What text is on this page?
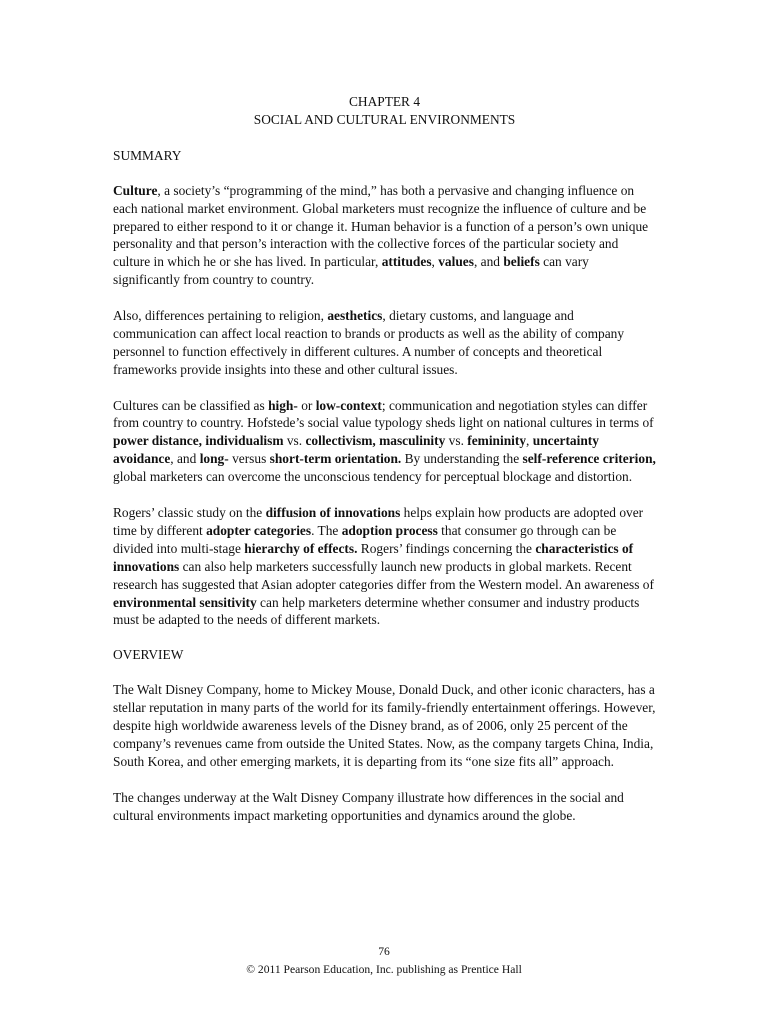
CHAPTER 4

SOCIAL AND CULTURAL ENVIRONMENTS

SUMMARY

Culture, a society’s “programming of the mind,” has both a pervasive and changing influence on each national market environment. Global marketers must recognize the influence of culture and be prepared to either respond to it or change it. Human behavior is a function of a person’s own unique personality and that person’s interaction with the collective forces of the particular society and culture in which he or she has lived. In particular, attitudes, values, and beliefs can vary significantly from country to country.

Also, differences pertaining to religion, aesthetics, dietary customs, and language and communication can affect local reaction to brands or products as well as the ability of company personnel to function effectively in different cultures. A number of concepts and theoretical frameworks provide insights into these and other cultural issues.

Cultures can be classified as high- or low-context; communication and negotiation styles can differ from country to country. Hofstede’s social value typology sheds light on national cultures in terms of power distance, individualism vs. collectivism, masculinity vs. femininity, uncertainty avoidance, and long- versus short-term orientation. By understanding the self-reference criterion, global marketers can overcome the unconscious tendency for perceptual blockage and distortion.

Rogers’ classic study on the diffusion of innovations helps explain how products are adopted over time by different adopter categories. The adoption process that consumer go through can be divided into multi-stage hierarchy of effects. Rogers’ findings concerning the characteristics of innovations can also help marketers successfully launch new products in global markets. Recent research has suggested that Asian adopter categories differ from the Western model. An awareness of environmental sensitivity can help marketers determine whether consumer and industry products must be adapted to the needs of different markets.

OVERVIEW

The Walt Disney Company, home to Mickey Mouse, Donald Duck, and other iconic characters, has a stellar reputation in many parts of the world for its family-friendly entertainment offerings. However, despite high worldwide awareness levels of the Disney brand, as of 2006, only 25 percent of the company’s revenues came from outside the United States. Now, as the company targets China, India, South Korea, and other emerging markets, it is departing from its “one size fits all” approach.

The changes underway at the Walt Disney Company illustrate how differences in the social and cultural environments impact marketing opportunities and dynamics around the globe.

76
© 2011 Pearson Education, Inc. publishing as Prentice Hall
